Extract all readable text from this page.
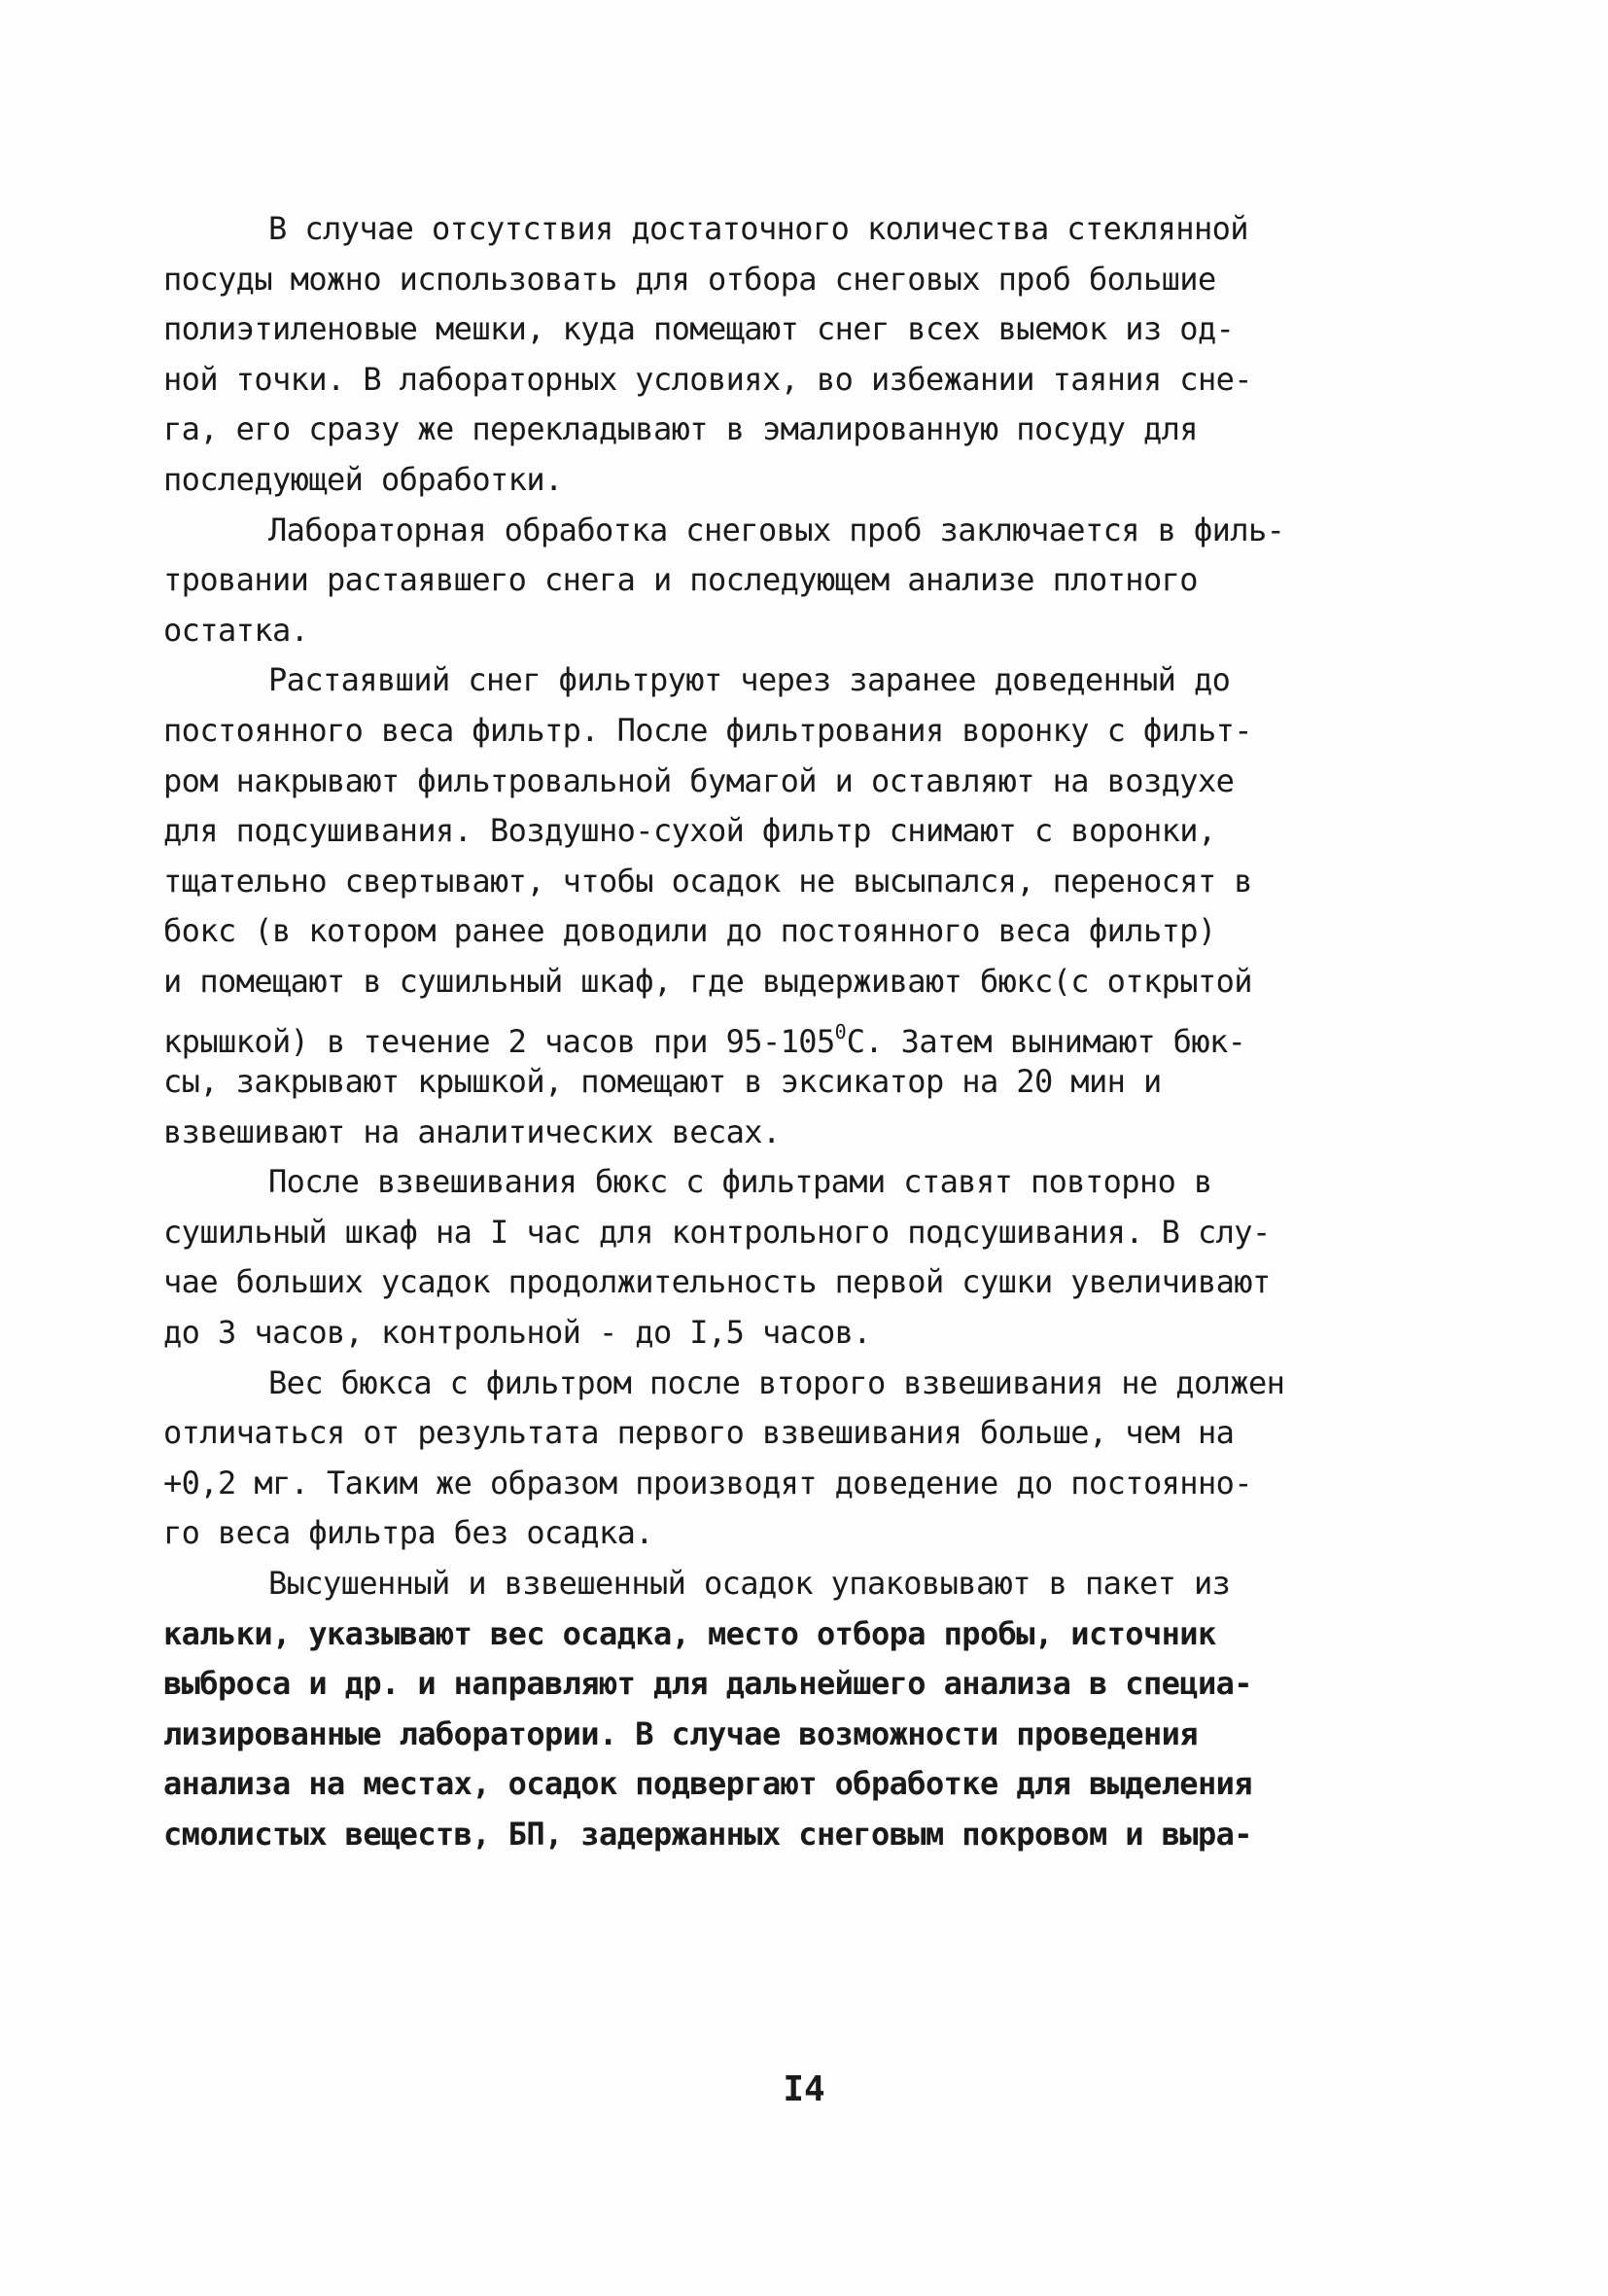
В случае отсутствия достаточного количества стеклянной
посуды можно использовать для отбора снеговых проб большие
полиэтиленовые мешки, куда помещают снег всех выемок из од-
ной точки. В лабораторных условиях, во избежании таяния сне-
га, его сразу же перекладывают в эмалированную посуду для
последующей обработки.
Лабораторная обработка снеговых проб заключается в филь-
тровании растаявшего снега и последующем анализе плотного
остатка.
Растаявший снег фильтруют через заранее доведенный до
постоянного веса фильтр. После фильтрования воронку с фильт-
ром накрывают фильтровальной бумагой и оставляют на воздухе
для подсушивания. Воздушно-сухой фильтр снимают с воронки,
тщательно свертывают, чтобы осадок не высыпался, переносят в
бокс (в котором ранее доводили до постоянного веса фильтр)
и помещают в сушильный шкаф, где выдерживают бюкс(с открытой
крышкой) в течение 2 часов при $95-105^0С$. Затем вынимают бюк-
сы, закрывают крышкой, помещают в эксикатор на 20 мин и
взвешивают на аналитических весах.
После взвешивания бюкс с фильтрами ставят повторно в
сушильный шкаф на I час для контрольного подсушивания. В слу-
чае больших усадок продолжительность первой сушки увеличивают
до 3 часов, контрольной - до I,5 часов.
Вес бюкса с фильтром после второго взвешивания не должен
отличаться от результата первого взвешивания больше, чем на
+0,2 мг. Таким же образом производят доведение до постоянно-
го веса фильтра без осадка.
Высушенный и взвешенный осадок упаковывают в пакет из
кальки, указывают вес осадка, место отбора пробы, источник
выброса и др. и направляют для дальнейшего анализа в специа-
лизированные лаборатории. В случае возможности проведения
анализа на местах, осадок подвергают обработке для выделения
смолистых веществ, БП, задержанных снеговым покровом и выра-
I4
